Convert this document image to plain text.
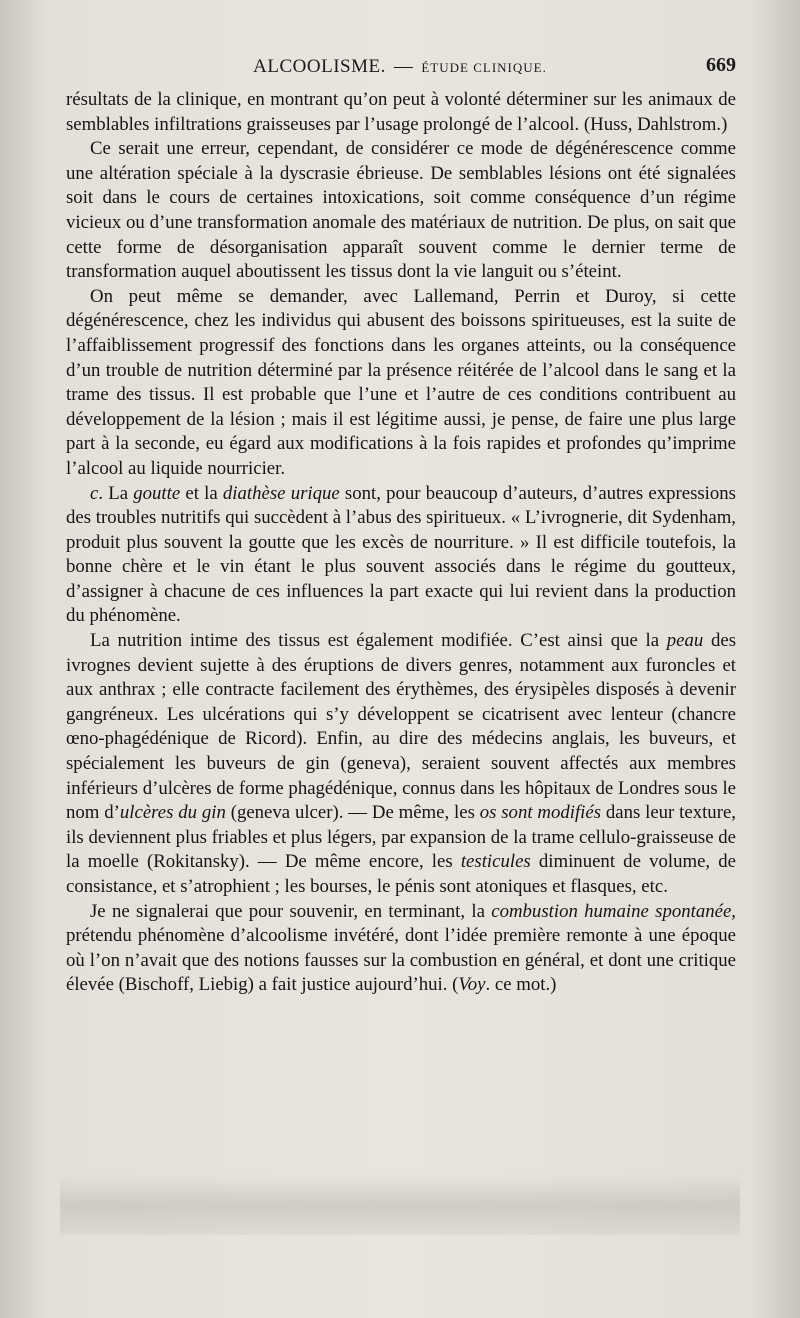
ALCOOLISME. — ÉTUDE CLINIQUE.	669

résultats de la clinique, en montrant qu’on peut à volonté déterminer sur les animaux de semblables infiltrations graisseuses par l’usage prolongé de l’alcool. (Huss, Dahlstrom.)

Ce serait une erreur, cependant, de considérer ce mode de dégénérescence comme une altération spéciale à la dyscrasie ébrieuse. De semblables lésions ont été signalées soit dans le cours de certaines intoxications, soit comme conséquence d’un régime vicieux ou d’une transformation anomale des matériaux de nutrition. De plus, on sait que cette forme de désorganisation apparaît souvent comme le dernier terme de transformation auquel aboutissent les tissus dont la vie languit ou s’éteint.

On peut même se demander, avec Lallemand, Perrin et Duroy, si cette dégénérescence, chez les individus qui abusent des boissons spiritueuses, est la suite de l’affaiblissement progressif des fonctions dans les organes atteints, ou la conséquence d’un trouble de nutrition déterminé par la présence réitérée de l’alcool dans le sang et la trame des tissus. Il est probable que l’une et l’autre de ces conditions contribuent au développement de la lésion ; mais il est légitime aussi, je pense, de faire une plus large part à la seconde, eu égard aux modifications à la fois rapides et profondes qu’imprime l’alcool au liquide nourricier.

c. La goutte et la diathèse urique sont, pour beaucoup d’auteurs, d’autres expressions des troubles nutritifs qui succèdent à l’abus des spiritueux. « L’ivrognerie, dit Sydenham, produit plus souvent la goutte que les excès de nourriture. » Il est difficile toutefois, la bonne chère et le vin étant le plus souvent associés dans le régime du goutteux, d’assigner à chacune de ces influences la part exacte qui lui revient dans la production du phénomène.

La nutrition intime des tissus est également modifiée. C’est ainsi que la peau des ivrognes devient sujette à des éruptions de divers genres, notamment aux furoncles et aux anthrax ; elle contracte facilement des érythèmes, des érysipèles disposés à devenir gangréneux. Les ulcérations qui s’y développent se cicatrisent avec lenteur (chancre œno-phagédénique de Ricord). Enfin, au dire des médecins anglais, les buveurs, et spécialement les buveurs de gin (geneva), seraient souvent affectés aux membres inférieurs d’ulcères de forme phagédénique, connus dans les hôpitaux de Londres sous le nom d’ulcères du gin (geneva ulcer). — De même, les os sont modifiés dans leur texture, ils deviennent plus friables et plus légers, par expansion de la trame cellulo-graisseuse de la moelle (Rokitansky). — De même encore, les testicules diminuent de volume, de consistance, et s’atrophient ; les bourses, le pénis sont atoniques et flasques, etc.

Je ne signalerai que pour souvenir, en terminant, la combustion humaine spontanée, prétendu phénomène d’alcoolisme invétéré, dont l’idée première remonte à une époque où l’on n’avait que des notions fausses sur la combustion en général, et dont une critique élevée (Bischoff, Liebig) a fait justice aujourd’hui. (Voy. ce mot.)
